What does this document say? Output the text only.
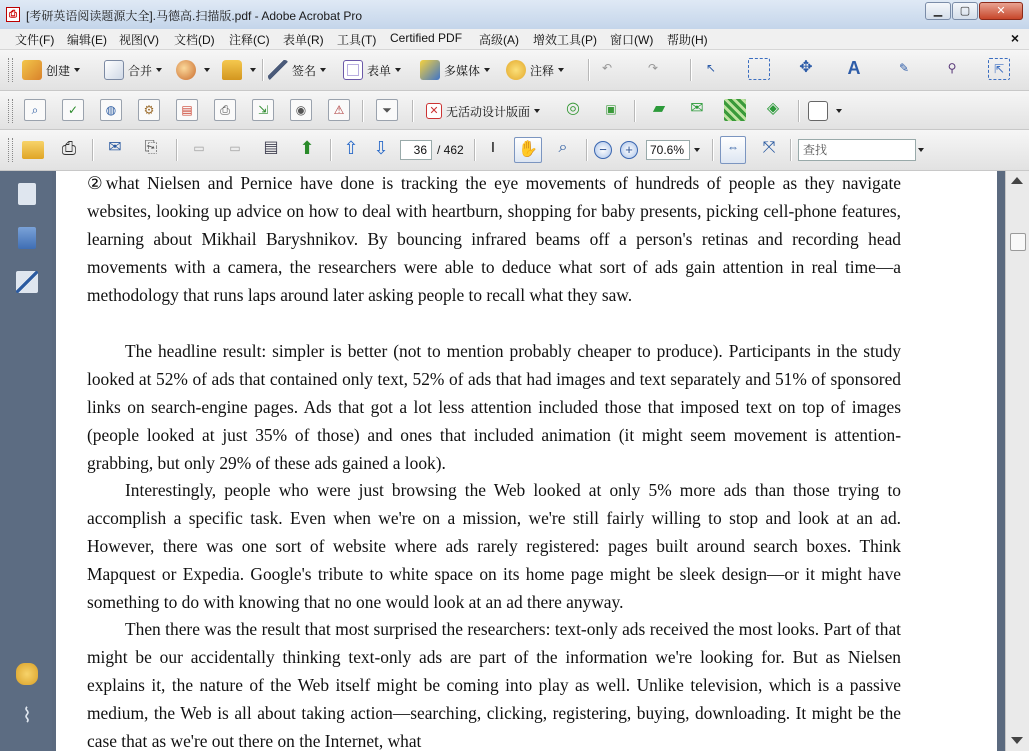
⎙ [考研英语阅读题源大全].马德高.扫描版.pdf - Adobe Acrobat Pro	▁	▢	✕
文件(F) 编辑(E) 视图(V) 文档(D) 注释(C) 表单(R) 工具(T) Certified PDF 高级(A) 增效工具(P) 窗口(W) 帮助(H)	×
创建	合并	签名	表单	多媒体	注释	↶	↷	↖	✥ A	✎	⚲	⇱
⌕	✓	◍	⚙	▤	⎙	⇲	◉	⚠	⏷	✕ 无活动设计版面 ◎	▣	▰	✉	◈
⎙ ✉ ⎘	▭	▭	▤ ⬆ ⇧ ⇩	36 / 462	I	✋	⌕	−	+	70.6%	⇔	⤧	查找
⌇

②what Nielsen and Pernice have done is tracking the eye movements of hundreds of people as they navigate websites, looking up advice on how to deal with heartburn, shopping for baby presents, picking cell-phone features, learning about Mikhail Baryshnikov. By bouncing infrared beams off a person's retinas and recording head movements with a camera, the researchers were able to deduce what sort of ads gain attention in real time—a methodology that runs laps around later asking people to recall what they saw.

The headline result: simpler is better (not to mention probably cheaper to produce). Participants in the study looked at 52% of ads that contained only text, 52% of ads that had images and text separately and 51% of sponsored links on search-engine pages. Ads that got a lot less attention included those that imposed text on top of images (people looked at just 35% of those) and ones that included animation (it might seem movement is attention-grabbing, but only 29% of these ads gained a look).

Interestingly, people who were just browsing the Web looked at only 5% more ads than those trying to accomplish a specific task. Even when we're on a mission, we're still fairly willing to stop and look at an ad. However, there was one sort of website where ads rarely registered: pages built around search boxes. Think Mapquest or Expedia. Google's tribute to white space on its home page might be sleek design—or it might have something to do with knowing that no one would look at an ad there anyway.

Then there was the result that most surprised the researchers: text-only ads received the most looks. Part of that might be our accidentally thinking text-only ads are part of the information we're looking for. But as Nielsen explains it, the nature of the Web itself might be coming into play as well. Unlike television, which is a passive medium, the Web is all about taking action—searching, clicking, registering, buying, downloading. It might be the case that as we're out there on the Internet, what
